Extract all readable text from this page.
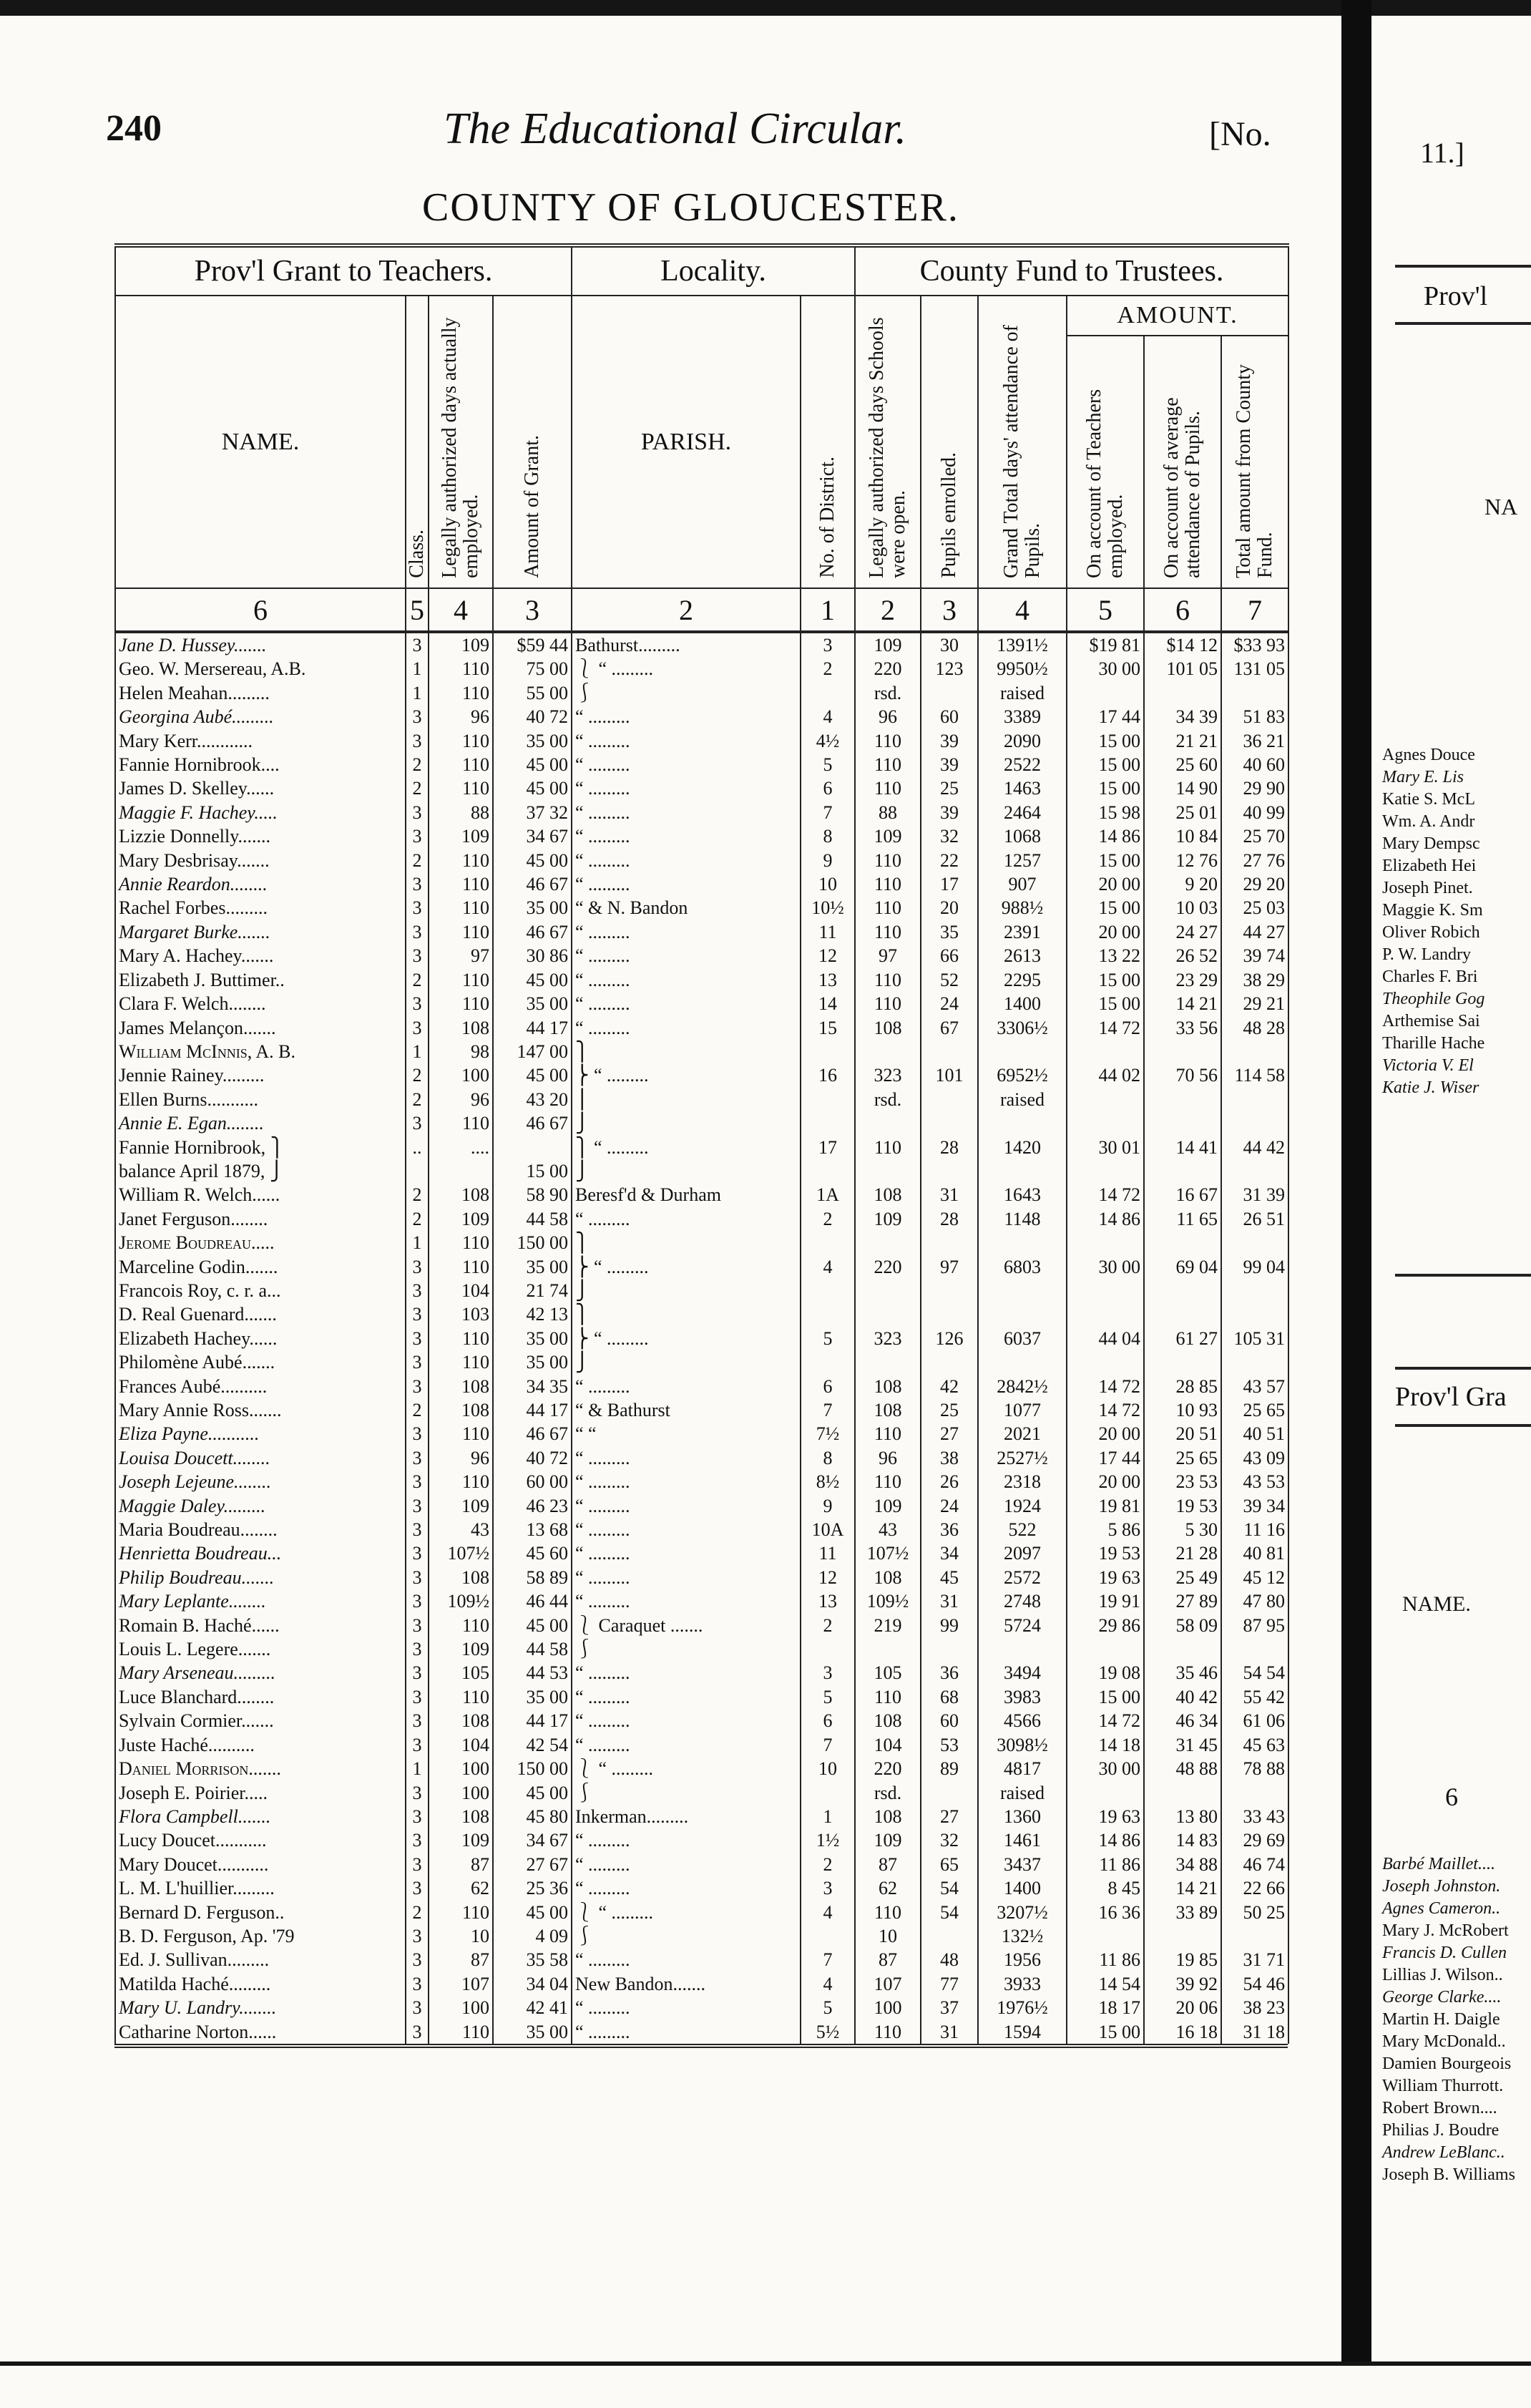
240	The Educational Circular.	[No.
COUNTY OF GLOUCESTER.
Prov'l Grant to Teachers.				Locality.		County Fund to Trustees.					
NAME.	Class.	Legally authorized days actually employed.	Amount of Grant.	PARISH.	No. of District.	Legally authorized days Schools were open.	Pupils enrolled.	Grand Total days' attendance of Pupils.	AMOUNT.		
									On account of Teachers employed.	On account of average attendance of Pupils.	Total amount from County Fund.
6	5	4	3	2	1	2	3	4	5	6	7
Jane D. Hussey.......	3	109	$59 44	Bathurst.........	3	109	30	1391½	$19 81	$14 12	$33 93
Geo. W. Mersereau, A.B.	1	110	75 00	⎱ “ .........	2	220	123	9950½	30 00	101 05	131 05
Helen Meahan.........	1	110	55 00	⎰		rsd.		raised			
Georgina Aubé.........	3	96	40 72	“ .........	4	96	60	3389	17 44	34 39	51 83
Mary Kerr............	3	110	35 00	“ .........	4½	110	39	2090	15 00	21 21	36 21
Fannie Hornibrook....	2	110	45 00	“ .........	5	110	39	2522	15 00	25 60	40 60
James D. Skelley......	2	110	45 00	“ .........	6	110	25	1463	15 00	14 90	29 90
Maggie F. Hachey.....	3	88	37 32	“ .........	7	88	39	2464	15 98	25 01	40 99
Lizzie Donnelly.......	3	109	34 67	“ .........	8	109	32	1068	14 86	10 84	25 70
Mary Desbrisay.......	2	110	45 00	“ .........	9	110	22	1257	15 00	12 76	27 76
Annie Reardon........	3	110	46 67	“ .........	10	110	17	907	20 00	9 20	29 20
Rachel Forbes.........	3	110	35 00	“ & N. Bandon	10½	110	20	988½	15 00	10 03	25 03
Margaret Burke.......	3	110	46 67	“ .........	11	110	35	2391	20 00	24 27	44 27
Mary A. Hachey.......	3	97	30 86	“ .........	12	97	66	2613	13 22	26 52	39 74
Elizabeth J. Buttimer..	2	110	45 00	“ .........	13	110	52	2295	15 00	23 29	38 29
Clara F. Welch........	3	110	35 00	“ .........	14	110	24	1400	15 00	14 21	29 21
James Melançon.......	3	108	44 17	“ .........	15	108	67	3306½	14 72	33 56	48 28
William McInnis, A. B.	1	98	147 00	⎫							
Jennie Rainey.........	2	100	45 00	⎬ “ .........	16	323	101	6952½	44 02	70 56	114 58
Ellen Burns...........	2	96	43 20	⎪		rsd.		raised			
Annie E. Egan........	3	110	46 67	⎭							
Fannie Hornibrook, ⎫	..	....		⎫ “ .........	17	110	28	1420	30 01	14 41	44 42
balance April 1879, ⎭			15 00	⎭							
William R. Welch......	2	108	58 90	Beresf'd & Durham	1A	108	31	1643	14 72	16 67	31 39
Janet Ferguson........	2	109	44 58	“ .........	2	109	28	1148	14 86	11 65	26 51
Jerome Boudreau.....	1	110	150 00	⎫							
Marceline Godin.......	3	110	35 00	⎬ “ .........	4	220	97	6803	30 00	69 04	99 04
Francois Roy, c. r. a...	3	104	21 74	⎭							
D. Real Guenard.......	3	103	42 13	⎫							
Elizabeth Hachey......	3	110	35 00	⎬ “ .........	5	323	126	6037	44 04	61 27	105 31
Philomène Aubé.......	3	110	35 00	⎭							
Frances Aubé..........	3	108	34 35	“ .........	6	108	42	2842½	14 72	28 85	43 57
Mary Annie Ross.......	2	108	44 17	“ & Bathurst	7	108	25	1077	14 72	10 93	25 65
Eliza Payne...........	3	110	46 67	“ “	7½	110	27	2021	20 00	20 51	40 51
Louisa Doucett........	3	96	40 72	“ .........	8	96	38	2527½	17 44	25 65	43 09
Joseph Lejeune........	3	110	60 00	“ .........	8½	110	26	2318	20 00	23 53	43 53
Maggie Daley.........	3	109	46 23	“ .........	9	109	24	1924	19 81	19 53	39 34
Maria Boudreau........	3	43	13 68	“ .........	10A	43	36	522	5 86	5 30	11 16
Henrietta Boudreau...	3	107½	45 60	“ .........	11	107½	34	2097	19 53	21 28	40 81
Philip Boudreau.......	3	108	58 89	“ .........	12	108	45	2572	19 63	25 49	45 12
Mary Leplante........	3	109½	46 44	“ .........	13	109½	31	2748	19 91	27 89	47 80
Romain B. Haché......	3	110	45 00	⎱ Caraquet .......	2	219	99	5724	29 86	58 09	87 95
Louis L. Legere.......	3	109	44 58	⎰							
Mary Arseneau.........	3	105	44 53	“ .........	3	105	36	3494	19 08	35 46	54 54
Luce Blanchard........	3	110	35 00	“ .........	5	110	68	3983	15 00	40 42	55 42
Sylvain Cormier.......	3	108	44 17	“ .........	6	108	60	4566	14 72	46 34	61 06
Juste Haché..........	3	104	42 54	“ .........	7	104	53	3098½	14 18	31 45	45 63
Daniel Morrison.......	1	100	150 00	⎱ “ .........	10	220	89	4817	30 00	48 88	78 88
Joseph E. Poirier.....	3	100	45 00	⎰		rsd.		raised			
Flora Campbell.......	3	108	45 80	Inkerman.........	1	108	27	1360	19 63	13 80	33 43
Lucy Doucet...........	3	109	34 67	“ .........	1½	109	32	1461	14 86	14 83	29 69
Mary Doucet...........	3	87	27 67	“ .........	2	87	65	3437	11 86	34 88	46 74
L. M. L'huillier.........	3	62	25 36	“ .........	3	62	54	1400	8 45	14 21	22 66
Bernard D. Ferguson..	2	110	45 00	⎱ “ .........	4	110	54	3207½	16 36	33 89	50 25
B. D. Ferguson, Ap. '79	3	10	4 09	⎰		10		132½			
Ed. J. Sullivan.........	3	87	35 58	“ .........	7	87	48	1956	11 86	19 85	31 71
Matilda Haché.........	3	107	34 04	New Bandon.......	4	107	77	3933	14 54	39 92	54 46
Mary U. Landry........	3	100	42 41	“ .........	5	100	37	1976½	18 17	20 06	38 23
Catharine Norton......	3	110	35 00	“ .........	5½	110	31	1594	15 00	16 18	31 18
11.]
Prov'l
NA
Agnes Douce
Mary E. Lis
Katie S. McL
Wm. A. Andr
Mary Dempsc
Elizabeth Hei
Joseph Pinet.
Maggie K. Sm
Oliver Robich
P. W. Landry
Charles F. Bri
Theophile Gog
Arthemise Sai
Tharille Hache
Victoria V. El
Katie J. Wiser
Prov'l Gra
NAME.
6
Barbé Maillet....
Joseph Johnston.
Agnes Cameron..
Mary J. McRobert
Francis D. Cullen
Lillias J. Wilson..
George Clarke....
Martin H. Daigle
Mary McDonald..
Damien Bourgeois
William Thurrott.
Robert Brown....
Philias J. Boudre
Andrew LeBlanc..
Joseph B. Williams
